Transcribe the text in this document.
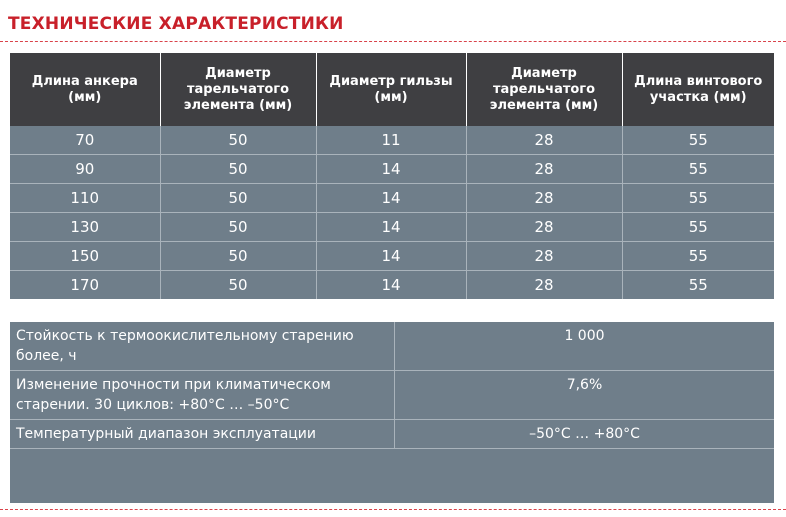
ТЕХНИЧЕСКИЕ ХАРАКТЕРИСТИКИ
Длина анкера (мм)	Диаметр тарельчатого элемента (мм)	Диаметр гильзы (мм)	Диаметр тарельчатого элемента (мм)	Длина винтового участка (мм)
70	50	11	28	55
90	50	14	28	55
110	50	14	28	55
130	50	14	28	55
150	50	14	28	55
170	50	14	28	55
Стойкость к термоокислительному старению более, ч	1 000
Изменение прочности при климатическом старении. 30 циклов: +80°С … –50°С	7,6%
Температурный диапазон эксплуатации	–50°С … +80°С
